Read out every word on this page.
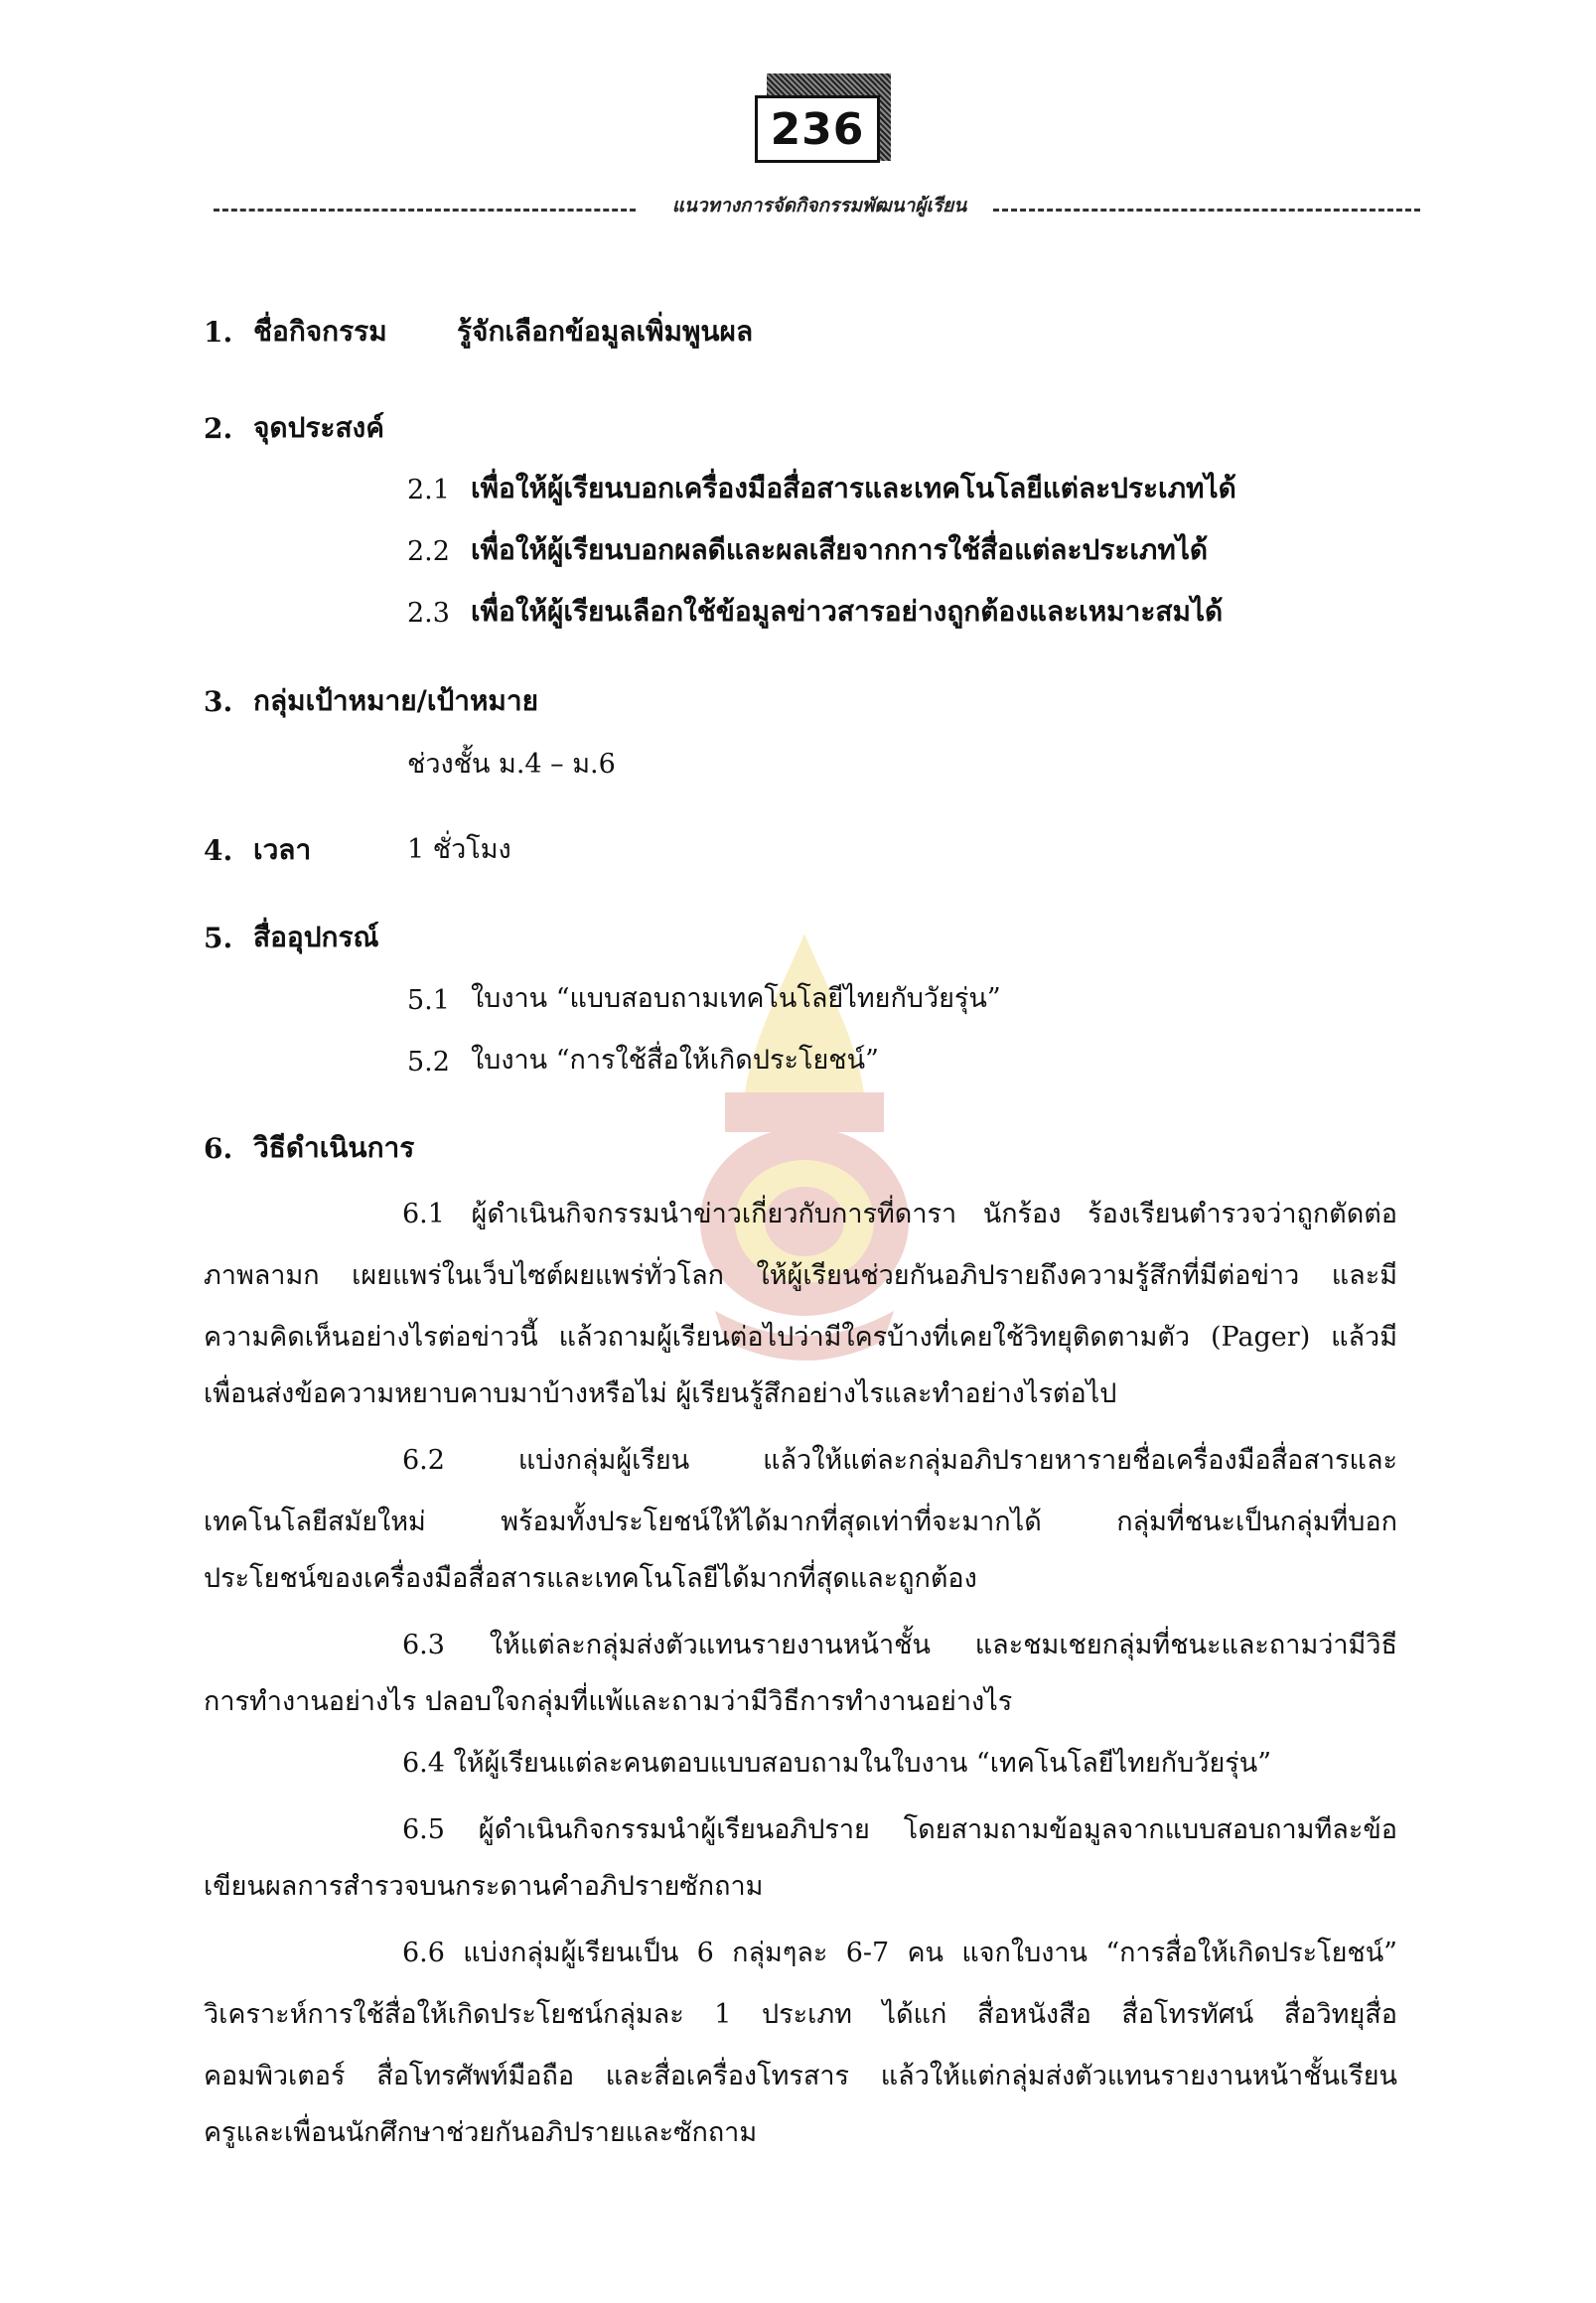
236
แนวทางการจัดกิจกรรมพัฒนาผู้เรียน
1. ชื่อกิจกรรม	รู้จักเลือกข้อมูลเพิ่มพูนผล
2. จุดประสงค์
2.1 เพื่อให้ผู้เรียนบอกเครื่องมือสื่อสารและเทคโนโลยีแต่ละประเภทได้
2.2 เพื่อให้ผู้เรียนบอกผลดีและผลเสียจากการใช้สื่อแต่ละประเภทได้
2.3 เพื่อให้ผู้เรียนเลือกใช้ข้อมูลข่าวสารอย่างถูกต้องและเหมาะสมได้
3. กลุ่มเป้าหมาย/เป้าหมาย
ช่วงชั้น ม.4 – ม.6
4. เวลา	1 ชั่วโมง
5. สื่ออุปกรณ์
5.1 ใบงาน “แบบสอบถามเทคโนโลยีไทยกับวัยรุ่น”
5.2 ใบงาน “การใช้สื่อให้เกิดประโยชน์”
6. วิธีดำเนินการ
6.1 ผู้ดำเนินกิจกรรมนำข่าวเกี่ยวกับการที่ดารา นักร้อง ร้องเรียนตำรวจว่าถูกตัดต่อ
ภาพลามก เผยแพร่ในเว็บไซต์ผยแพร่ทั่วโลก ให้ผู้เรียนช่วยกันอภิปรายถึงความรู้สึกที่มีต่อข่าว และมี
ความคิดเห็นอย่างไรต่อข่าวนี้ แล้วถามผู้เรียนต่อไปว่ามีใครบ้างที่เคยใช้วิทยุติดตามตัว (Pager) แล้วมี
เพื่อนส่งข้อความหยาบคาบมาบ้างหรือไม่ ผู้เรียนรู้สึกอย่างไรและทำอย่างไรต่อไป
6.2 แบ่งกลุ่มผู้เรียน แล้วให้แต่ละกลุ่มอภิปรายหารายชื่อเครื่องมือสื่อสารและ
เทคโนโลยีสมัยใหม่ พร้อมทั้งประโยชน์ให้ได้มากที่สุดเท่าที่จะมากได้ กลุ่มที่ชนะเป็นกลุ่มที่บอก
ประโยชน์ของเครื่องมือสื่อสารและเทคโนโลยีได้มากที่สุดและถูกต้อง
6.3 ให้แต่ละกลุ่มส่งตัวแทนรายงานหน้าชั้น และชมเชยกลุ่มที่ชนะและถามว่ามีวิธี
การทำงานอย่างไร ปลอบใจกลุ่มที่แพ้และถามว่ามีวิธีการทำงานอย่างไร
6.4 ให้ผู้เรียนแต่ละคนตอบแบบสอบถามในใบงาน “เทคโนโลยีไทยกับวัยรุ่น”
6.5 ผู้ดำเนินกิจกรรมนำผู้เรียนอภิปราย โดยสามถามข้อมูลจากแบบสอบถามทีละข้อ
เขียนผลการสำรวจบนกระดานคำอภิปรายซักถาม
6.6 แบ่งกลุ่มผู้เรียนเป็น 6 กลุ่มๆละ 6-7 คน แจกใบงาน “การสื่อให้เกิดประโยชน์”
วิเคราะห์การใช้สื่อให้เกิดประโยชน์กลุ่มละ 1 ประเภท ได้แก่ สื่อหนังสือ สื่อโทรทัศน์ สื่อวิทยุสื่อ
คอมพิวเตอร์ สื่อโทรศัพท์มือถือ และสื่อเครื่องโทรสาร แล้วให้แต่กลุ่มส่งตัวแทนรายงานหน้าชั้นเรียน
ครูและเพื่อนนักศึกษาช่วยกันอภิปรายและซักถาม
